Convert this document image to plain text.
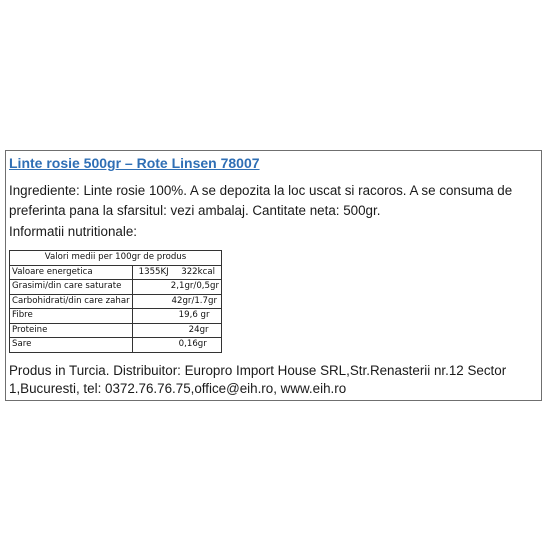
Linte rosie 500gr – Rote Linsen 78007
Ingrediente: Linte rosie 100%. A se depozita la loc uscat si racoros. A se consuma de preferinta pana la sfarsitul: vezi ambalaj. Cantitate neta: 500gr.
Informatii nutritionale:
Valori medii per 100gr de produs	
Valoare energetica	1355KJ 322kcal

Grasimi/din care saturate	2,1gr/0,5gr

Carbohidrati/din care zahar	42gr/1.7gr

Fibre	19,6 gr

Proteine	24gr

Sare	0,16gr
Produs in Turcia. Distribuitor: Europro Import House SRL,Str.Renasterii nr.12 Sector 1,Bucuresti, tel: 0372.76.76.75,office@eih.ro, www.eih.ro
